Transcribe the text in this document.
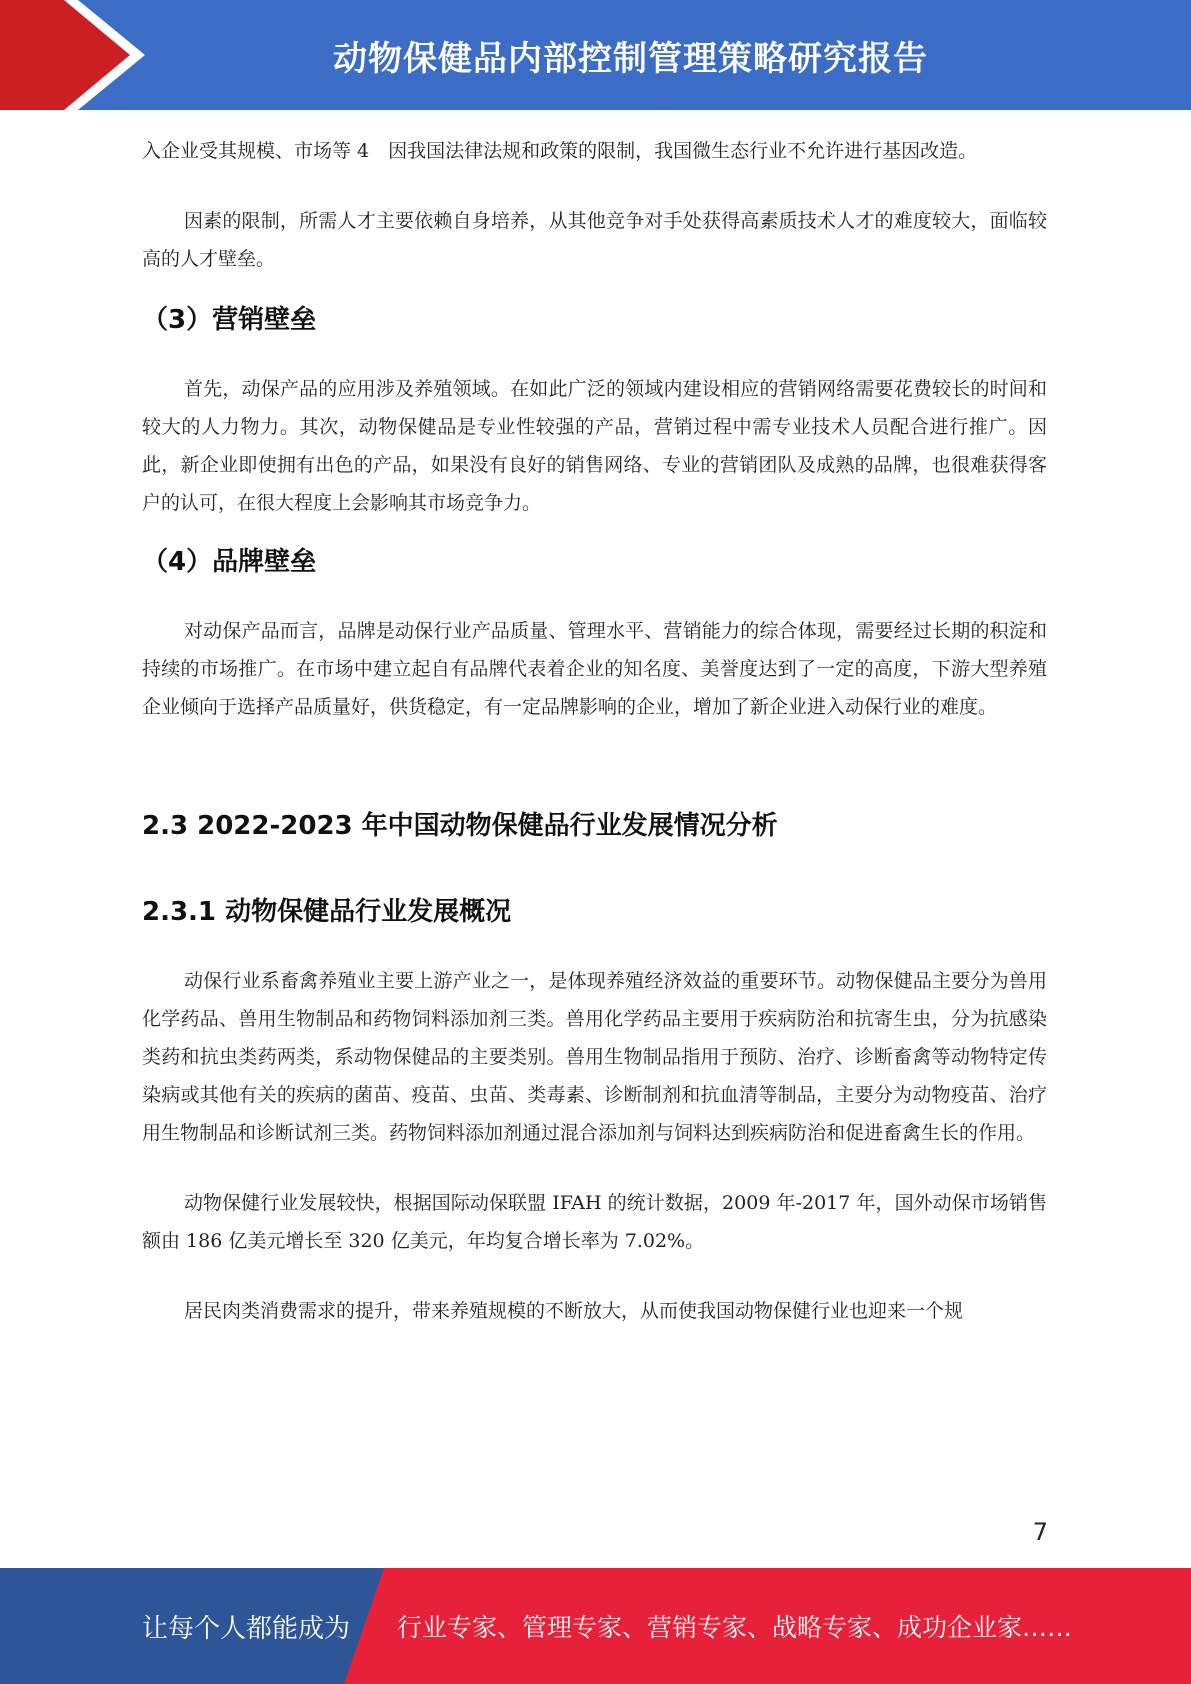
动物保健品内部控制管理策略研究报告

入企业受其规模、市场等 4　因我国法律法规和政策的限制，我国微生态行业不允许进行基因改造。

因素的限制，所需人才主要依赖自身培养，从其他竞争对手处获得高素质技术人才的难度较大，面临较高的人才壁垒。

（3）营销壁垒

首先，动保产品的应用涉及养殖领域。在如此广泛的领域内建设相应的营销网络需要花费较长的时间和较大的人力物力。其次，动物保健品是专业性较强的产品，营销过程中需专业技术人员配合进行推广。因此，新企业即使拥有出色的产品，如果没有良好的销售网络、专业的营销团队及成熟的品牌，也很难获得客户的认可，在很大程度上会影响其市场竞争力。

（4）品牌壁垒

对动保产品而言，品牌是动保行业产品质量、管理水平、营销能力的综合体现，需要经过长期的积淀和持续的市场推广。在市场中建立起自有品牌代表着企业的知名度、美誉度达到了一定的高度，下游大型养殖企业倾向于选择产品质量好，供货稳定，有一定品牌影响的企业，增加了新企业进入动保行业的难度。

2.3 2022-2023 年中国动物保健品行业发展情况分析
2.3.1 动物保健品行业发展概况

动保行业系畜禽养殖业主要上游产业之一，是体现养殖经济效益的重要环节。动物保健品主要分为兽用化学药品、兽用生物制品和药物饲料添加剂三类。兽用化学药品主要用于疾病防治和抗寄生虫，分为抗感染类药和抗虫类药两类，系动物保健品的主要类别。兽用生物制品指用于预防、治疗、诊断畜禽等动物特定传染病或其他有关的疾病的菌苗、疫苗、虫苗、类毒素、诊断制剂和抗血清等制品，主要分为动物疫苗、治疗用生物制品和诊断试剂三类。药物饲料添加剂通过混合添加剂与饲料达到疾病防治和促进畜禽生长的作用。

动物保健行业发展较快，根据国际动保联盟 IFAH 的统计数据，2009 年-2017 年，国外动保市场销售额由 186 亿美元增长至 320 亿美元，年均复合增长率为 7.02%。

居民肉类消费需求的提升，带来养殖规模的不断放大，从而使我国动物保健行业也迎来一个规

7
让每个人都能成为 行业专家、管理专家、营销专家、战略专家、成功企业家……
